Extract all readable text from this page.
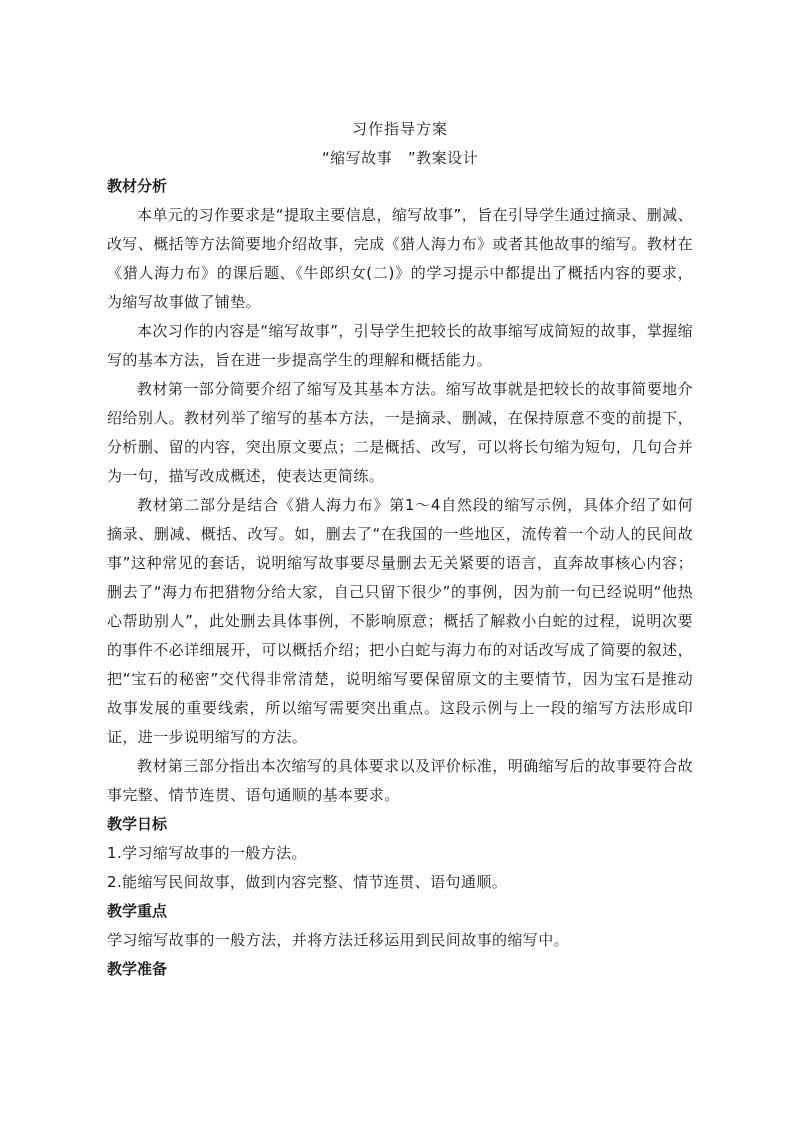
习作指导方案
“缩写故事   ”教案设计
教材分析

本单元的习作要求是“提取主要信息，缩写故事”，旨在引导学生通过摘录、删减、改写、概括等方法简要地介绍故事，完成《猎人海力布》或者其他故事的缩写。教材在《猎人海力布》的课后题、《牛郎织女(二)》的学习提示中都提出了概括内容的要求，为缩写故事做了铺垫。

本次习作的内容是“缩写故事”，引导学生把较长的故事缩写成简短的故事，掌握缩写的基本方法，旨在进一步提高学生的理解和概括能力。

教材第一部分简要介绍了缩写及其基本方法。缩写故事就是把较长的故事简要地介绍给别人。教材列举了缩写的基本方法，一是摘录、删减，在保持原意不变的前提下，分析删、留的内容，突出原文要点；二是概括、改写，可以将长句缩为短句，几句合并为一句，描写改成概述，使表达更简练。

教材第二部分是结合《猎人海力布》第1～4自然段的缩写示例，具体介绍了如何摘录、删减、概括、改写。如，删去了“在我国的一些地区，流传着一个动人的民间故事”这种常见的套话，说明缩写故事要尽量删去无关紧要的语言，直奔故事核心内容；删去了“海力布把猎物分给大家，自己只留下很少”的事例，因为前一句已经说明“他热心帮助别人”，此处删去具体事例，不影响原意；概括了解救小白蛇的过程，说明次要的事件不必详细展开，可以概括介绍；把小白蛇与海力布的对话改写成了简要的叙述，把“宝石的秘密”交代得非常清楚，说明缩写要保留原文的主要情节，因为宝石是推动故事发展的重要线索，所以缩写需要突出重点。这段示例与上一段的缩写方法形成印证，进一步说明缩写的方法。

教材第三部分指出本次缩写的具体要求以及评价标准，明确缩写后的故事要符合故事完整、情节连贯、语句通顺的基本要求。

教学日标

1.学习缩写故事的一般方法。

2.能缩写民间故事，做到内容完整、情节连贯、语句通顺。

教学重点

学习缩写故事的一般方法，并将方法迁移运用到民间故事的缩写中。

教学准备
